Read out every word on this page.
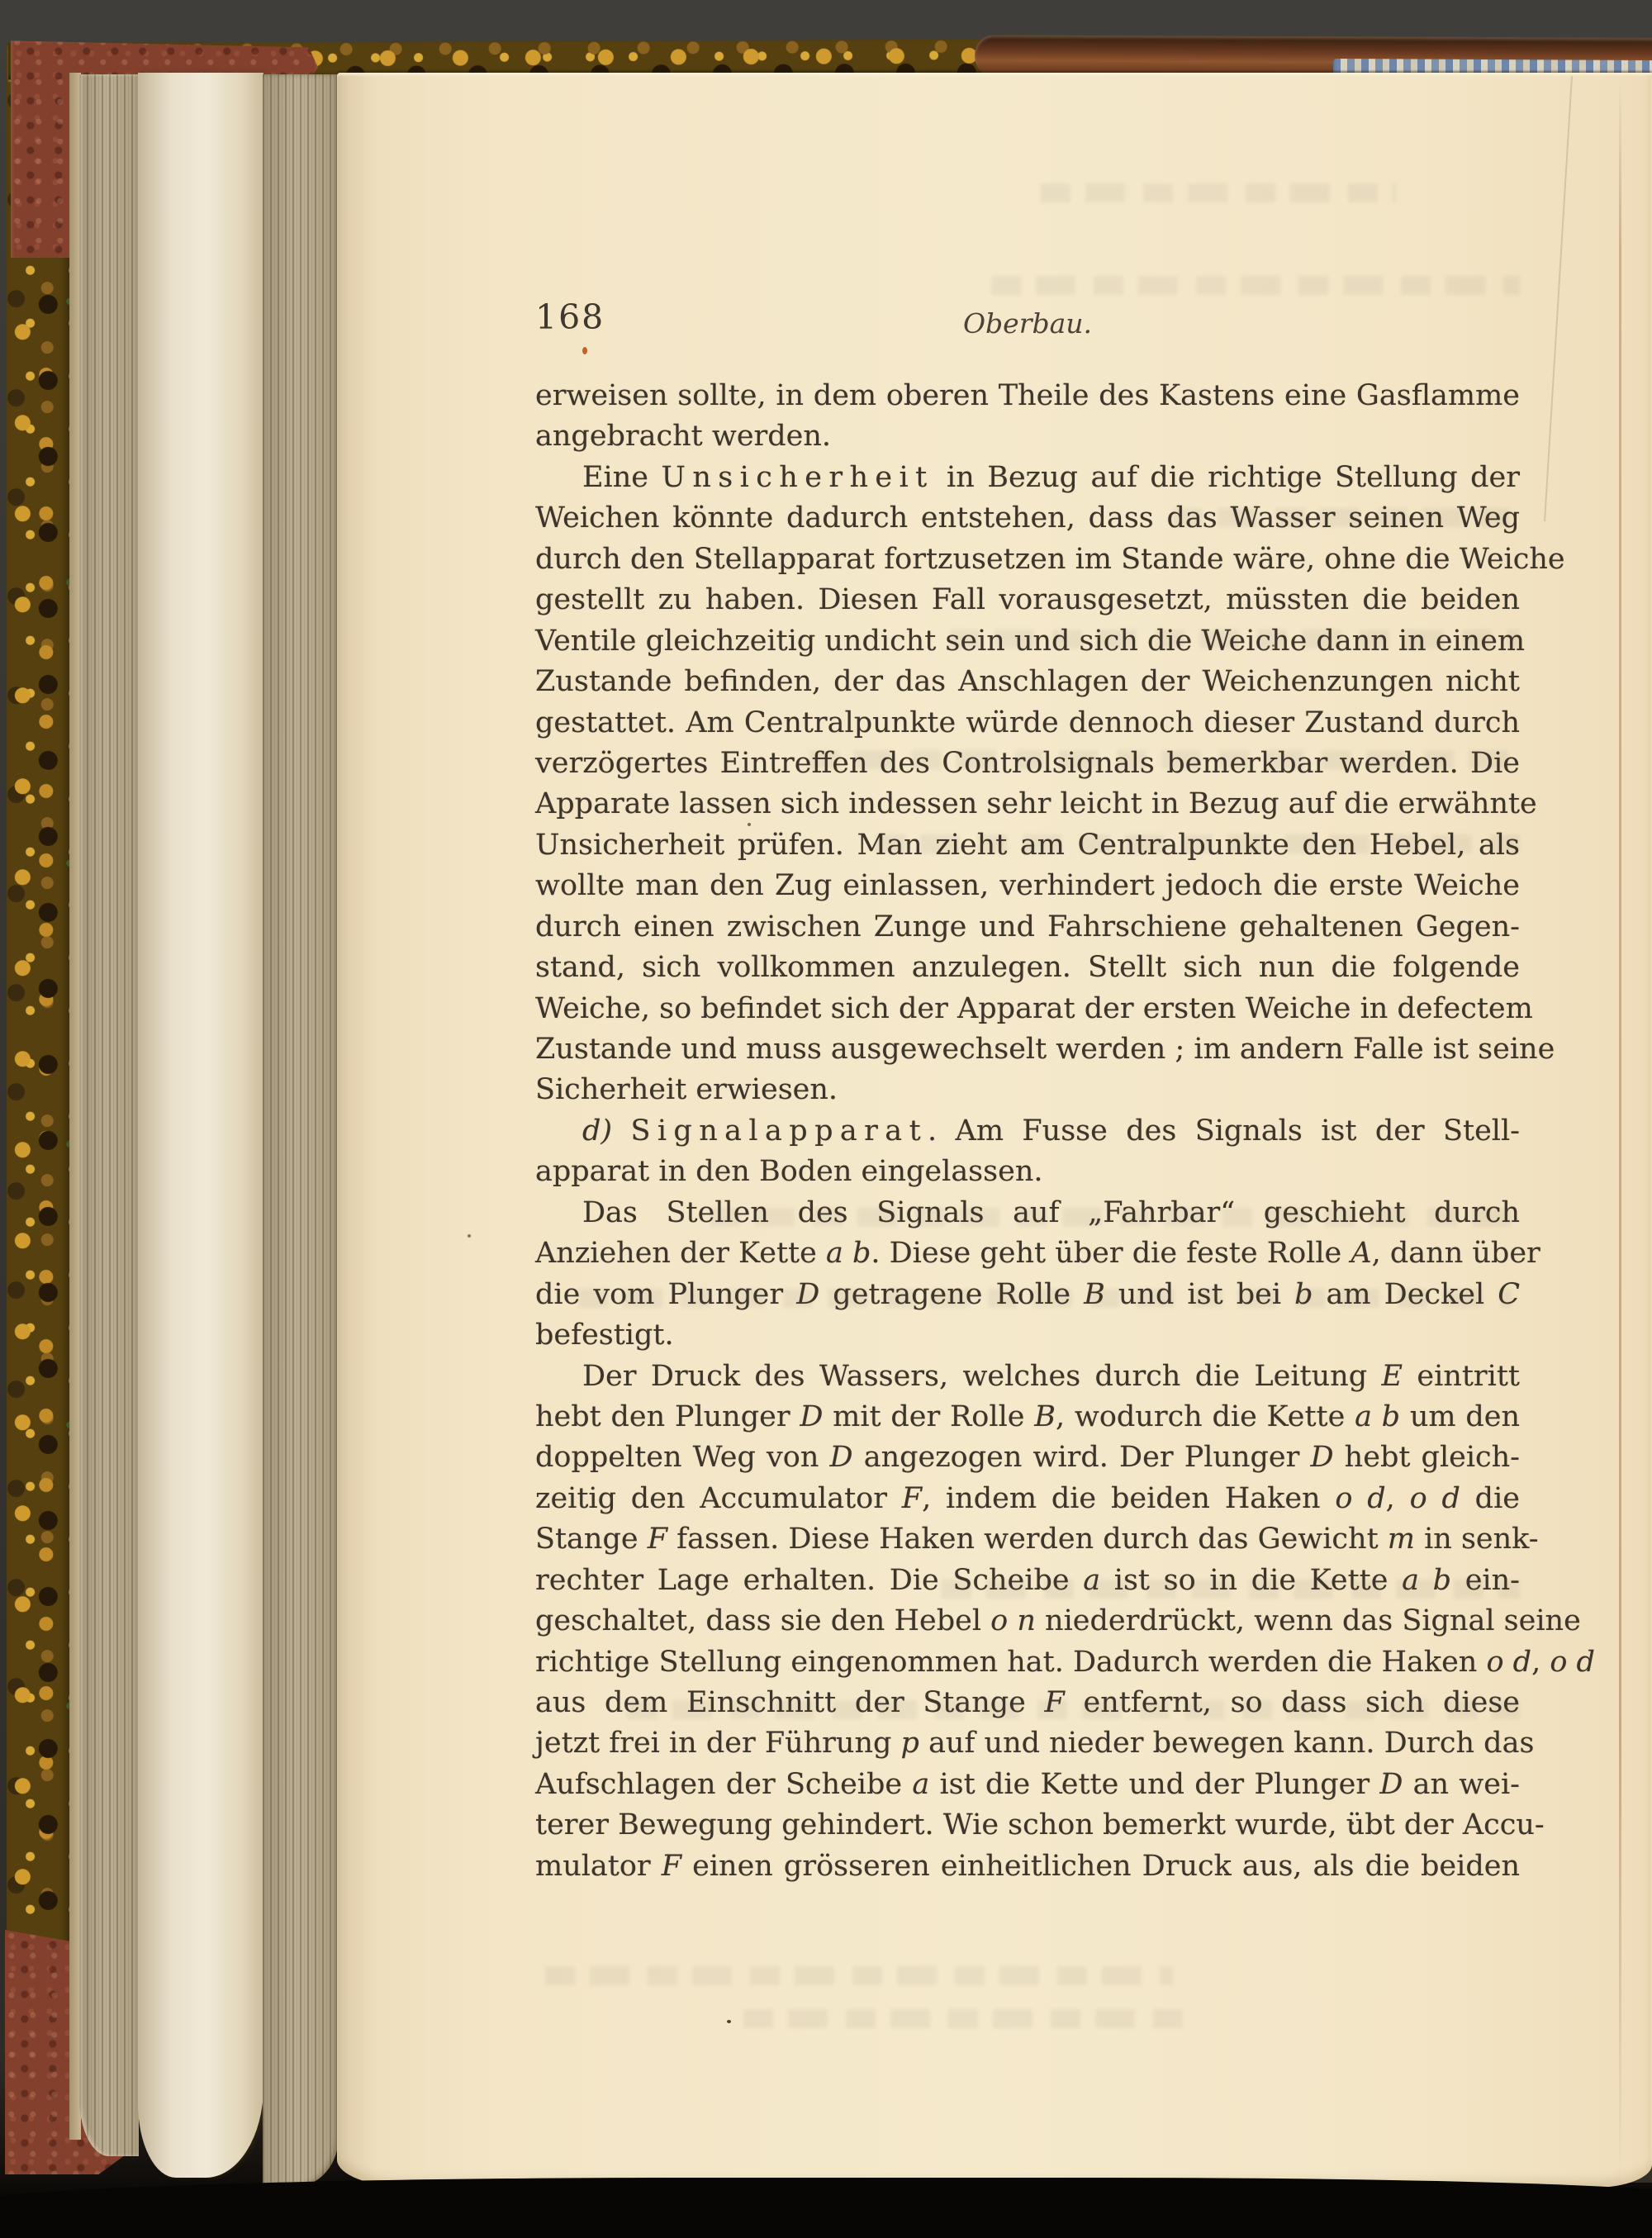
168	Oberbau.
erweisen sollte, in dem oberen Theile des Kastens eine Gasflamme
angebracht werden.
Eine Unsicherheit in Bezug auf die richtige Stellung der
Weichen könnte dadurch entstehen, dass das Wasser seinen Weg
durch den Stellapparat fortzusetzen im Stande wäre, ohne die Weiche
gestellt zu haben. Diesen Fall vorausgesetzt, müssten die beiden
Ventile gleichzeitig undicht sein und sich die Weiche dann in einem
Zustande befinden, der das Anschlagen der Weichenzungen nicht
gestattet. Am Centralpunkte würde dennoch dieser Zustand durch
verzögertes Eintreffen des Controlsignals bemerkbar werden. Die
Apparate lassen sich indessen sehr leicht in Bezug auf die erwähnte
Unsicherheit prüfen. Man zieht am Centralpunkte den Hebel, als
wollte man den Zug einlassen, verhindert jedoch die erste Weiche
durch einen zwischen Zunge und Fahrschiene gehaltenen Gegen-
stand, sich vollkommen anzulegen. Stellt sich nun die folgende
Weiche, so befindet sich der Apparat der ersten Weiche in defectem
Zustande und muss ausgewechselt werden ; im andern Falle ist seine
Sicherheit erwiesen.
d) Signalapparat. Am Fusse des Signals ist der Stell-
apparat in den Boden eingelassen.
Das Stellen des Signals auf „Fahrbar“ geschieht durch
Anziehen der Kette a b. Diese geht über die feste Rolle A, dann über
die vom Plunger D getragene Rolle B und ist bei b am Deckel C
befestigt.
Der Druck des Wassers, welches durch die Leitung E eintritt
hebt den Plunger D mit der Rolle B, wodurch die Kette a b um den
doppelten Weg von D angezogen wird. Der Plunger D hebt gleich-
zeitig den Accumulator F, indem die beiden Haken o d, o d die
Stange F fassen. Diese Haken werden durch das Gewicht m in senk-
rechter Lage erhalten. Die Scheibe a ist so in die Kette a b ein-
geschaltet, dass sie den Hebel o n niederdrückt, wenn das Signal seine
richtige Stellung eingenommen hat. Dadurch werden die Haken o d, o d
aus dem Einschnitt der Stange F entfernt, so dass sich diese
jetzt frei in der Führung p auf und nieder bewegen kann. Durch das
Aufschlagen der Scheibe a ist die Kette und der Plunger D an wei-
terer Bewegung gehindert. Wie schon bemerkt wurde, übt der Accu-
mulator F einen grösseren einheitlichen Druck aus, als die beiden
